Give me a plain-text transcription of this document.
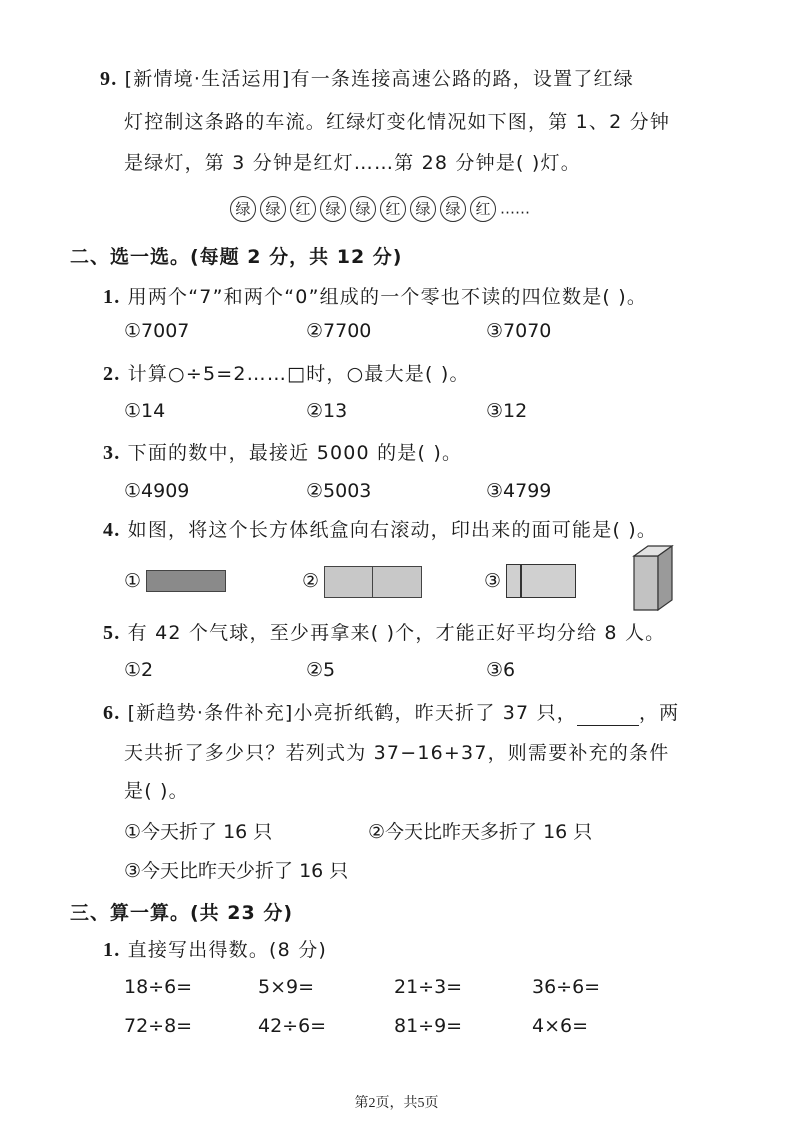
9. [新情境·生活运用]有一条连接高速公路的路，设置了红绿
灯控制这条路的车流。红绿灯变化情况如下图，第 1、2 分钟
是绿灯，第 3 分钟是红灯……第 28 分钟是( )灯。
绿 绿 红 绿 绿 红 绿 绿 红 ……
二、选一选。(每题 2 分，共 12 分)
1. 用两个“7”和两个“0”组成的一个零也不读的四位数是( )。
①7007	②7700	③7070
2. 计算○÷5=2……□时，○最大是( )。
①14	②13	③12
3. 下面的数中，最接近 5000 的是( )。
①4909	②5003	③4799
4. 如图，将这个长方体纸盒向右滚动，印出来的面可能是( )。
①	②	③
5. 有 42 个气球，至少再拿来( )个，才能正好平均分给 8 人。
①2	②5	③6
6. [新趋势·条件补充]小亮折纸鹤，昨天折了 37 只，	，两
天共折了多少只？若列式为 37−16+37，则需要补充的条件
是( )。
①今天折了 16 只	②今天比昨天多折了 16 只
③今天比昨天少折了 16 只
三、算一算。(共 23 分)
1. 直接写出得数。(8 分)
18÷6=	5×9=	21÷3=	36÷6=
72÷8=	42÷6=	81÷9=	4×6=
第2页，共5页
